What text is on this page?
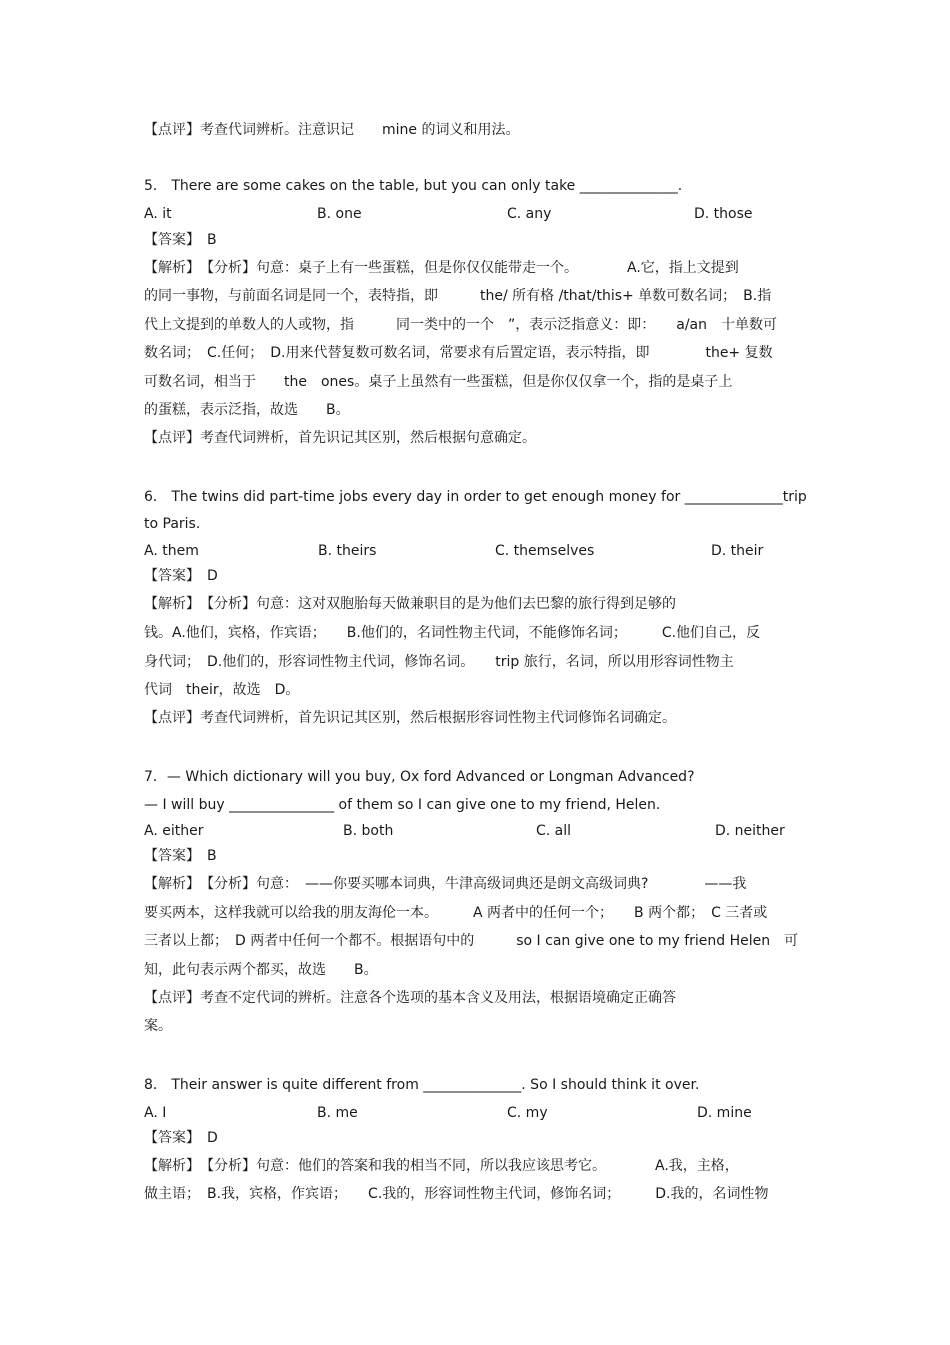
【点评】考查代词辨析。注意识记　　mine 的词义和用法。
5． There are some cakes on the table, but you can only take ______________.
A. it	B. one	C. any	D. those
【答案】　B
【解析】　【分析】句意：桌子上有一些蛋糕，但是你仅仅能带走一个。　　　　A.它，指上文提到
的同一事物，与前面名词是同一个，表特指，即　　　the/ 所有格 /that/this+ 单数可数名词；　B.指
代上文提到的单数人的人或物，指　　　同一类中的一个　”，表示泛指意义：即：　　a/an　十单数可
数名词；　C.任何；　D.用来代替复数可数名词，常要求有后置定语，表示特指，即　　　　the+ 复数
可数名词，相当于　　the　ones。桌子上虽然有一些蛋糕，但是你仅仅拿一个，指的是桌子上
的蛋糕，表示泛指，故选　　B。
【点评】考查代词辨析，首先识记其区别，然后根据句意确定。
6． The twins did part-time jobs every day in order to get enough money for ______________trip
to Paris.
A. them	B. theirs	C. themselves	D. their
【答案】　D
【解析】　【分析】句意：这对双胞胎每天做兼职目的是为他们去巴黎的旅行得到足够的
钱。A.他们，宾格，作宾语；　　B.他们的，名词性物主代词，不能修饰名词；　　　C.他们自己，反
身代词；　D.他们的，形容词性物主代词，修饰名词。　　trip 旅行，名词，所以用形容词性物主
代词　their，故选　D。
【点评】考查代词辨析，首先识记其区别，然后根据形容词性物主代词修饰名词确定。
7．— Which dictionary will you buy, Ox ford Advanced or Longman Advanced?
— I will buy _______________ of them so I can give one to my friend, Helen.
A. either	B. both	C. all	D. neither
【答案】　B
【解析】　【分析】句意：　——你要买哪本词典，牛津高级词典还是朗文高级词典?　　　　——我
要买两本，这样我就可以给我的朋友海伦一本。　　　A 两者中的任何一个；　　B 两个都；　C 三者或
三者以上都；　D 两者中任何一个都不。根据语句中的　　　so I can give one to my friend Helen　可
知，此句表示两个都买，故选　　B。
【点评】考查不定代词的辨析。注意各个选项的基本含义及用法，根据语境确定正确答
案。
8． Their answer is quite different from ______________. So I should think it over.
A. I	B. me	C. my	D. mine
【答案】　D
【解析】　【分析】句意：他们的答案和我的相当不同，所以我应该思考它。　　　　A.我，主格，
做主语；　B.我，宾格，作宾语；　　C.我的，形容词性物主代词，修饰名词；　　　D.我的，名词性物
